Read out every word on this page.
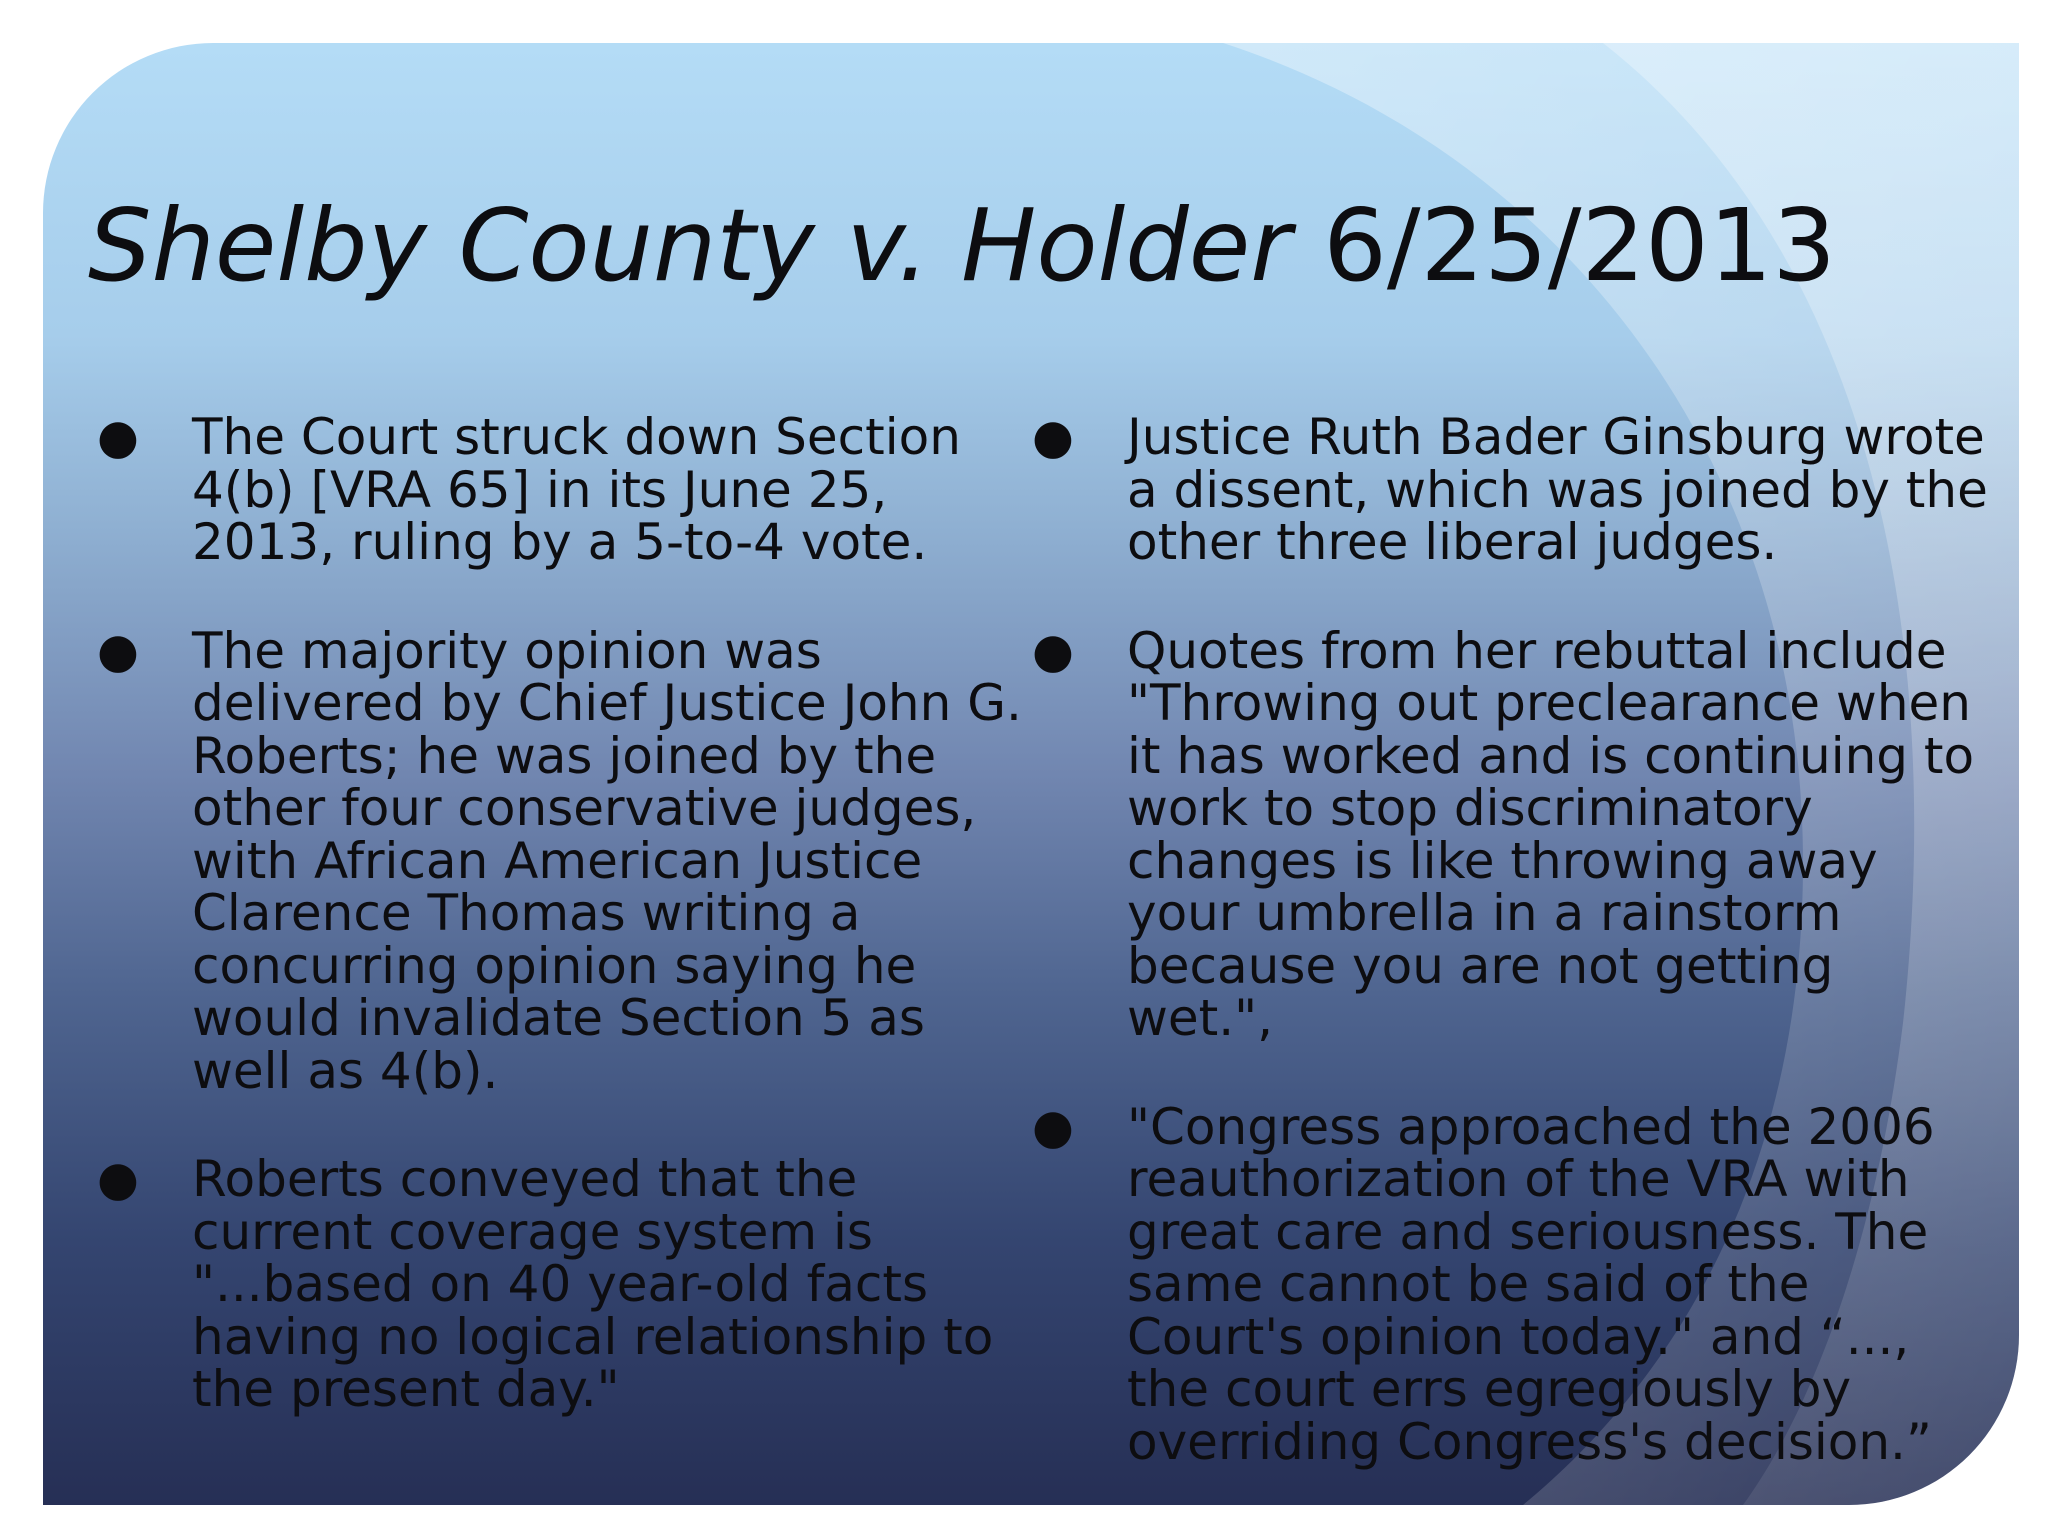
Shelby County v. Holder 6/25/2013
● The Court struck down Section 4(b) [VRA 65] in its June 25, 2013, ruling by a 5-to-4 vote.
● The majority opinion was delivered by Chief Justice John G. Roberts; he was joined by the other four conservative judges, with African American Justice Clarence Thomas writing a concurring opinion saying he would invalidate Section 5 as well as 4(b).
● Roberts conveyed that the current coverage system is "...based on 40 year-old facts having no logical relationship to the present day."
● Justice Ruth Bader Ginsburg wrote a dissent, which was joined by the other three liberal judges.
● Quotes from her rebuttal include "Throwing out preclearance when it has worked and is continuing to work to stop discriminatory changes is like throwing away your umbrella in a rainstorm because you are not getting wet.",
● "Congress approached the 2006 reauthorization of the VRA with great care and seriousness. The same cannot be said of the Court's opinion today." and “..., the court errs egregiously by overriding Congress's decision.”
